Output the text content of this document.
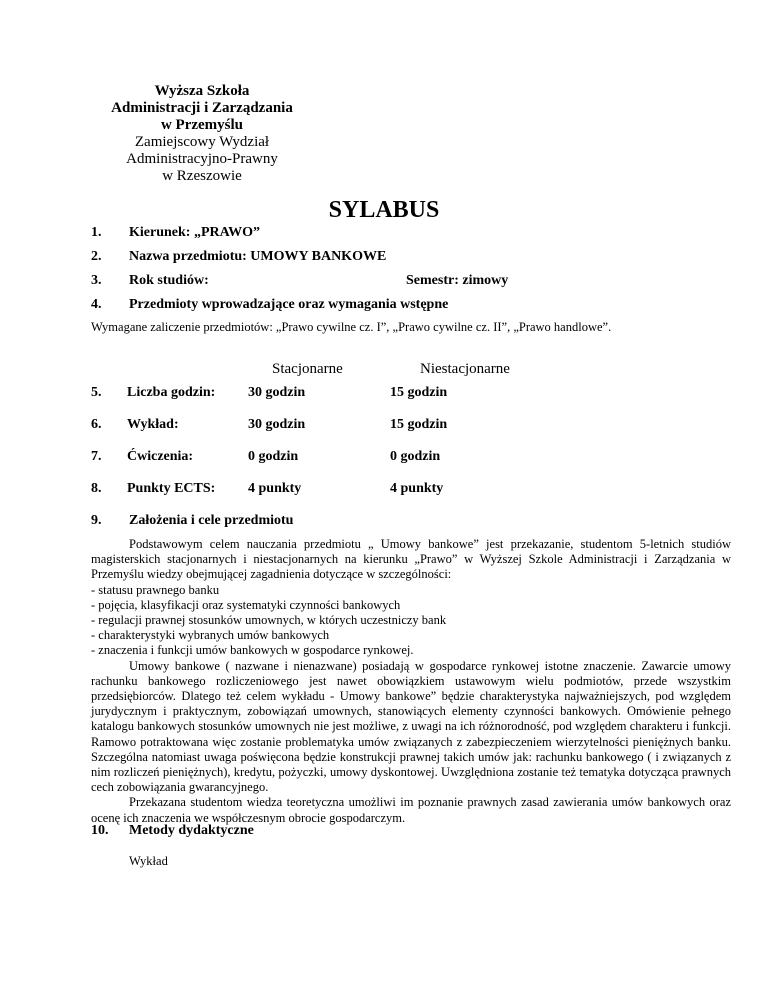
Wyższa Szkoła
Administracji i Zarządzania
w Przemyślu
Zamiejscowy Wydział
Administracyjno-Prawny
w Rzeszowie
SYLABUS
1. Kierunek: „PRAWO”
2. Nazwa przedmiotu: UMOWY BANKOWE
3. Rok studiów:	Semestr: zimowy
4. Przedmioty wprowadzające oraz wymagania wstępne
Wymagane zaliczenie przedmiotów: „Prawo cywilne cz. I”, „Prawo cywilne cz. II”, „Prawo handlowe”.
Stacjonarne	Niestacjonarne
5. Liczba godzin: 30 godzin	15 godzin
6. Wykład:	30 godzin	15 godzin
7. Ćwiczenia:	0 godzin	0 godzin
8. Punkty ECTS: 4 punkty	4 punkty
9. Założenia i cele przedmiotu

Podstawowym celem nauczania przedmiotu „ Umowy bankowe” jest przekazanie, studentom 5-letnich studiów magisterskich stacjonarnych i niestacjonarnych na kierunku „Prawo” w Wyższej Szkole Administracji i Zarządzania w Przemyślu wiedzy obejmującej zagadnienia dotyczące w szczególności:

- statusu prawnego banku

- pojęcia, klasyfikacji oraz systematyki czynności bankowych

- regulacji prawnej stosunków umownych, w których uczestniczy bank

- charakterystyki wybranych umów bankowych

- znaczenia i funkcji umów bankowych w gospodarce rynkowej.

Umowy bankowe ( nazwane i nienazwane) posiadają w gospodarce rynkowej istotne znaczenie. Zawarcie umowy rachunku bankowego rozliczeniowego jest nawet obowiązkiem ustawowym wielu podmiotów, przede wszystkim przedsiębiorców. Dlatego też celem wykładu - Umowy bankowe” będzie charakterystyka najważniejszych, pod względem jurydycznym i praktycznym, zobowiązań umownych, stanowiących elementy czynności bankowych. Omówienie pełnego katalogu bankowych stosunków umownych nie jest możliwe, z uwagi na ich różnorodność, pod względem charakteru i funkcji. Ramowo potraktowana więc zostanie problematyka umów związanych z zabezpieczeniem wierzytelności pieniężnych banku. Szczególna natomiast uwaga poświęcona będzie konstrukcji prawnej takich umów jak: rachunku bankowego ( i związanych z nim rozliczeń pieniężnych), kredytu, pożyczki, umowy dyskontowej. Uwzględniona zostanie też tematyka dotycząca prawnych cech zobowiązania gwarancyjnego.

Przekazana studentom wiedza teoretyczna umożliwi im poznanie prawnych zasad zawierania umów bankowych oraz ocenę ich znaczenia we współczesnym obrocie gospodarczym.

10. Metody dydaktyczne
Wykład
